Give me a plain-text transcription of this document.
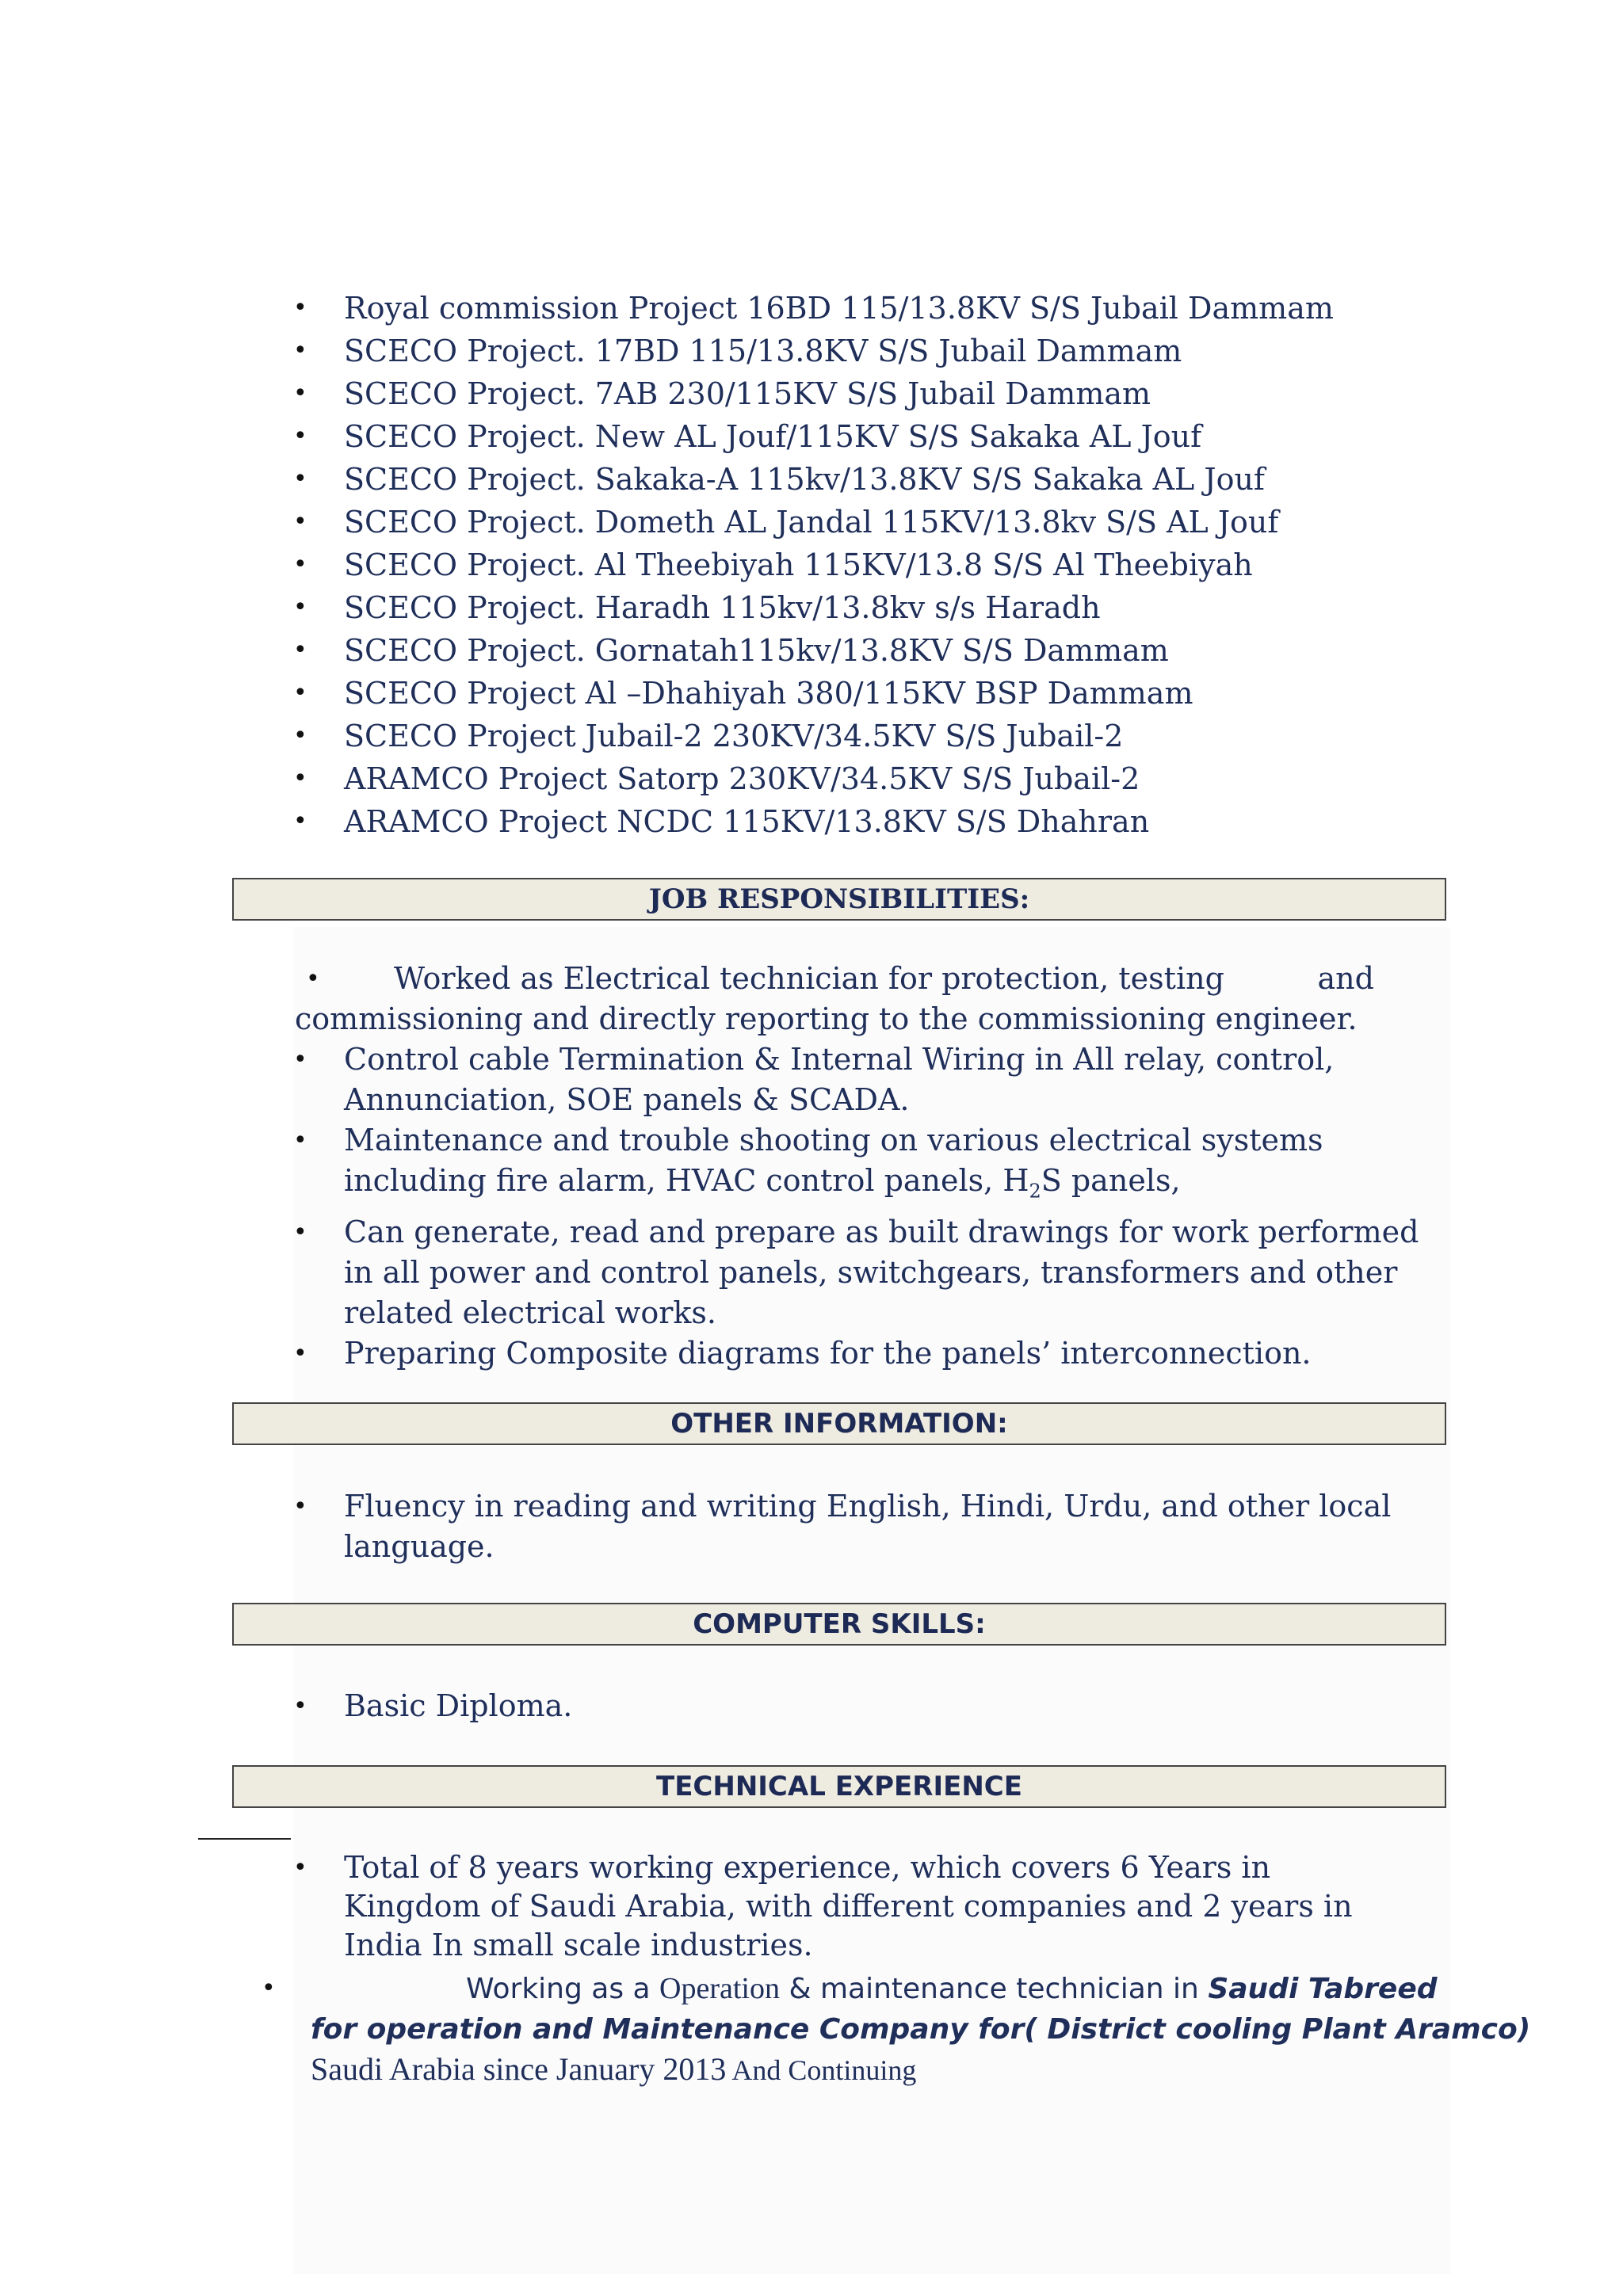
•	Royal commission Project 16BD 115/13.8KV S/S Jubail Dammam
•	SCECO Project. 17BD 115/13.8KV S/S Jubail Dammam
•	SCECO Project. 7AB 230/115KV S/S Jubail Dammam
•	SCECO Project. New AL Jouf/115KV S/S Sakaka AL Jouf
•	SCECO Project. Sakaka-A 115kv/13.8KV S/S Sakaka AL Jouf
•	SCECO Project. Dometh AL Jandal 115KV/13.8kv S/S AL Jouf
•	SCECO Project. Al Theebiyah 115KV/13.8 S/S Al Theebiyah
•	SCECO Project. Haradh 115kv/13.8kv s/s Haradh
•	SCECO Project. Gornatah115kv/13.8KV S/S Dammam
•	SCECO Project Al –Dhahiyah 380/115KV BSP Dammam
•	SCECO Project Jubail-2 230KV/34.5KV S/S Jubail-2
•	ARAMCO Project Satorp 230KV/34.5KV S/S Jubail-2
•	ARAMCO Project NCDC 115KV/13.8KV S/S Dhahran
JOB RESPONSIBILITIES:
•	Worked as Electrical technician for protection, testing	and
commissioning and directly reporting to the commissioning engineer.
•	Control cable Termination & Internal Wiring in All relay, control, Annunciation, SOE panels & SCADA.
•	Maintenance and trouble shooting on various electrical systems including fire alarm, HVAC control panels, $H_2S$ panels,
•	Can generate, read and prepare as built drawings for work performed in all power and control panels, switchgears, transformers and other related electrical works.
•	Preparing Composite diagrams for the panels’ interconnection.
OTHER INFORMATION:
•	Fluency in reading and writing English, Hindi, Urdu, and other local language.
COMPUTER SKILLS:
•	Basic Diploma.
TECHNICAL EXPERIENCE
•	Total of 8 years working experience, which covers 6 Years in Kingdom of Saudi Arabia, with different companies and 2 years in India In small scale industries.
•	Working as a Operation & maintenance technician in Saudi Tabreed
for operation and Maintenance Company for( District cooling Plant Aramco)
Saudi Arabia since January 2013 And Continuing
